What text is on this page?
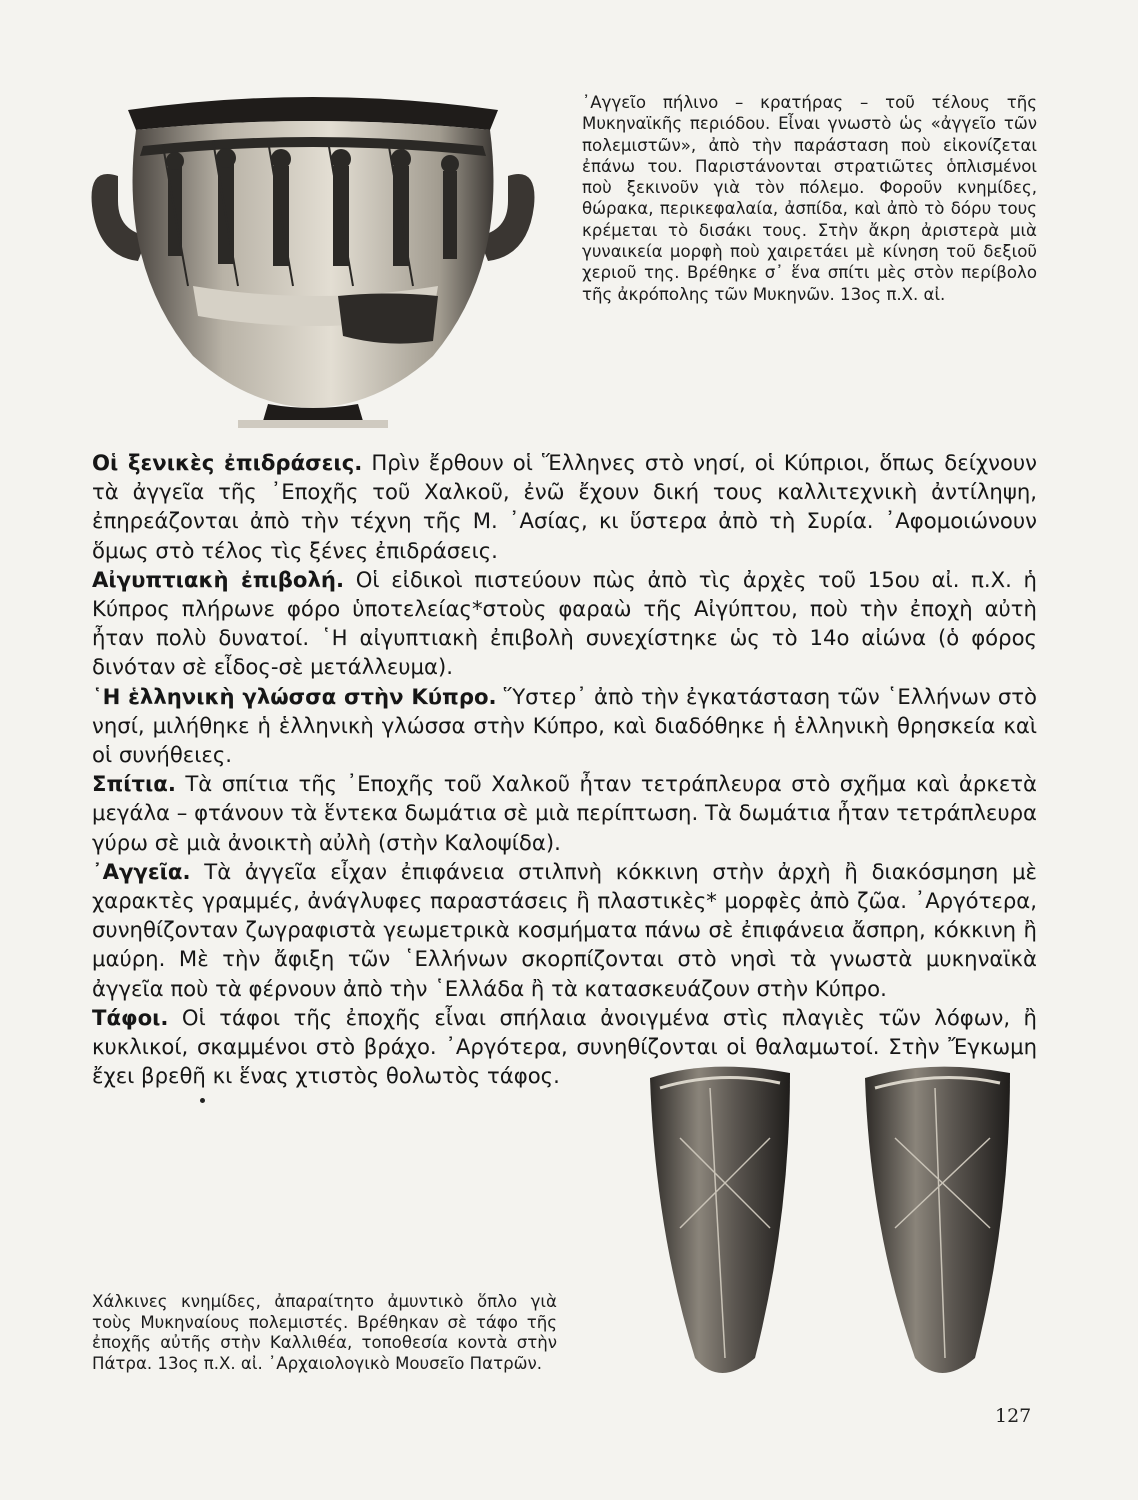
᾽Αγγεῖο πήλινο – κρατήρας – τοῦ τέλους τῆς Μυκηναϊκῆς περιόδου. Εἶναι γνωστὸ ὡς «ἀγγεῖο τῶν πολεμιστῶν», ἀπὸ τὴν παράσταση ποὺ εἰκονίζεται ἐπάνω του. Παριστάνονται στρατιῶτες ὁπλισμένοι ποὺ ξεκινοῦν γιὰ τὸν πόλεμο. Φοροῦν κνημίδες, θώρακα, περικεφαλαία, ἀσπίδα, καὶ ἀπὸ τὸ δόρυ τους κρέμεται τὸ δισάκι τους. Στὴν ἄκρη ἀριστερὰ μιὰ γυναικεία μορφὴ ποὺ χαιρετάει μὲ κίνηση τοῦ δεξιοῦ χεριοῦ της. Βρέθηκε σ᾽ ἕνα σπίτι μὲς στὸν περίβολο τῆς ἀκρόπολης τῶν Μυκηνῶν. 13ος π.Χ. αἰ.

Οἱ ξενικὲς ἐπιδράσεις. Πρὶν ἔρθουν οἱ Ἕλληνες στὸ νησί, οἱ Κύπριοι, ὅπως δείχνουν τὰ ἀγγεῖα τῆς ᾽Εποχῆς τοῦ Χαλκοῦ, ἐνῶ ἔχουν δική τους καλλιτεχνικὴ ἀντίληψη, ἐπηρεάζονται ἀπὸ τὴν τέχνη τῆς Μ. ᾽Ασίας, κι ὕστερα ἀπὸ τὴ Συρία. ᾽Αφομοιώνουν ὅμως στὸ τέλος τὶς ξένες ἐπιδράσεις.

Αἰγυπτιακὴ ἐπιβολή. Οἱ εἰδικοὶ πιστεύουν πὼς ἀπὸ τὶς ἀρχὲς τοῦ 15ου αἰ. π.Χ. ἡ Κύπρος πλήρωνε φόρο ὑποτελείας*στοὺς φαραὼ τῆς Αἰγύπτου, ποὺ τὴν ἐποχὴ αὐτὴ ἦταν πολὺ δυνατοί. ῾Η αἰγυπτιακὴ ἐπιβολὴ συνεχίστηκε ὡς τὸ 14ο αἰώνα (ὁ φόρος δινόταν σὲ εἶδος-σὲ μετάλλευμα).

῾Η ἑλληνικὴ γλώσσα στὴν Κύπρο. Ὕστερ᾽ ἀπὸ τὴν ἐγκατάσταση τῶν ῾Ελλήνων στὸ νησί, μιλήθηκε ἡ ἑλληνικὴ γλώσσα στὴν Κύπρο, καὶ διαδόθηκε ἡ ἑλληνικὴ θρησκεία καὶ οἱ συνήθειες.

Σπίτια. Τὰ σπίτια τῆς ᾽Εποχῆς τοῦ Χαλκοῦ ἦταν τετράπλευρα στὸ σχῆμα καὶ ἀρκετὰ μεγάλα – φτάνουν τὰ ἕντεκα δωμάτια σὲ μιὰ περίπτωση. Τὰ δωμάτια ἦταν τετράπλευρα γύρω σὲ μιὰ ἀνοικτὴ αὐλὴ (στὴν Καλοψίδα).

᾽Αγγεῖα. Τὰ ἀγγεῖα εἶχαν ἐπιφάνεια στιλπνὴ κόκκινη στὴν ἀρχὴ ἢ διακόσμηση μὲ χαρακτὲς γραμμές, ἀνάγλυφες παραστάσεις ἢ πλαστικὲς* μορφὲς ἀπὸ ζῶα. ᾽Αργότερα, συνηθίζονταν ζωγραφιστὰ γεωμετρικὰ κοσμήματα πάνω σὲ ἐπιφάνεια ἄσπρη, κόκκινη ἢ μαύρη. Μὲ τὴν ἄφιξη τῶν ῾Ελλήνων σκορπίζονται στὸ νησὶ τὰ γνωστὰ μυκηναϊκὰ ἀγγεῖα ποὺ τὰ φέρνουν ἀπὸ τὴν ῾Ελλάδα ἢ τὰ κατασκευάζουν στὴν Κύπρο.

Τάφοι. Οἱ τάφοι τῆς ἐποχῆς εἶναι σπήλαια ἀνοιγμένα στὶς πλαγιὲς τῶν λόφων, ἢ κυκλικοί, σκαμμένοι στὸ βράχο. ᾽Αργότερα, συνηθίζονται οἱ θαλαμωτοί. Στὴν Ἔγκωμη ἔχει βρεθῆ κι ἕνας χτιστὸς θολωτὸς τάφος.

Χάλκινες κνημίδες, ἀπαραίτητο ἀμυντικὸ ὅπλο γιὰ τοὺς Μυκηναίους πολεμιστές. Βρέθηκαν σὲ τάφο τῆς ἐποχῆς αὐτῆς στὴν Καλλιθέα, τοποθεσία κοντὰ στὴν Πάτρα. 13ος π.Χ. αἰ. ᾽Αρχαιολογικὸ Μουσεῖο Πατρῶν.
127
